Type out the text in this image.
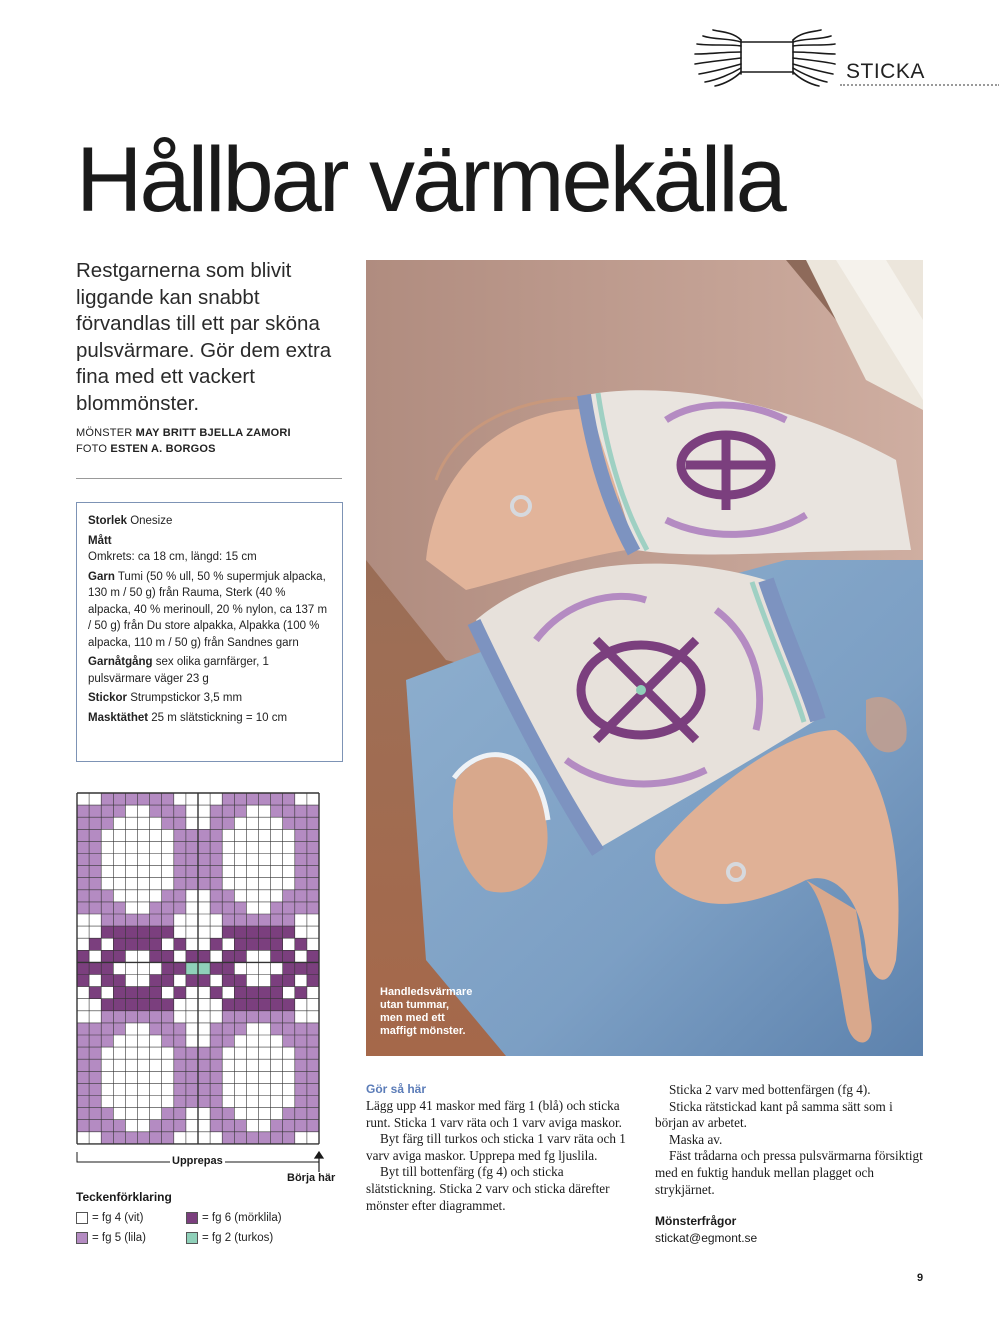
STICKA
Hållbar värmekälla
Restgarnerna som blivit liggande kan snabbt förvandlas till ett par sköna pulsvärmare. Gör dem extra fina med ett vackert blommönster.
MÖNSTER MAY BRITT BJELLA ZAMORI
FOTO ESTEN A. BORGOS
Storlek Onesize
Mått
Omkrets: ca 18 cm, längd: 15 cm
Garn Tumi (50 % ull, 50 % supermjuk alpacka, 130 m / 50 g) från Rauma, Sterk (40 % alpacka, 40 % merinoull, 20 % nylon, ca 137 m / 50 g) från Du store alpakka, Alpakka (100 % alpacka, 110 m / 50 g) från Sandnes garn
Garnåtgång sex olika garnfärger, 1 pulsvärmare väger 23 g
Stickor Strumpstickor 3,5 mm
Masktäthet 25 m slätstickning = 10 cm
Upprepas
Börja här
Teckenförklaring
= fg 4 (vit)	= fg 6 (mörklila)
= fg 5 (lila)	= fg 2 (turkos)
Handledsvärmare
utan tummar,
men med ett
maffigt mönster.
Gör så här

Lägg upp 41 maskor med färg 1 (blå) och sticka runt. Sticka 1 varv räta och 1 varv aviga maskor.

Byt färg till turkos och sticka 1 varv räta och 1 varv aviga maskor. Upprepa med fg ljuslila.

Byt till bottenfärg (fg 4) och sticka slätstickning. Sticka 2 varv och sticka därefter mönster efter diagrammet.

Sticka 2 varv med bottenfärgen (fg 4).

Sticka rätstickad kant på samma sätt som i början av arbetet.

Maska av.

Fäst trådarna och pressa pulsvärmarna försiktigt med en fuktig handuk mellan plagget och strykjärnet.

Mönsterfrågor
stickat@egmont.se
9
